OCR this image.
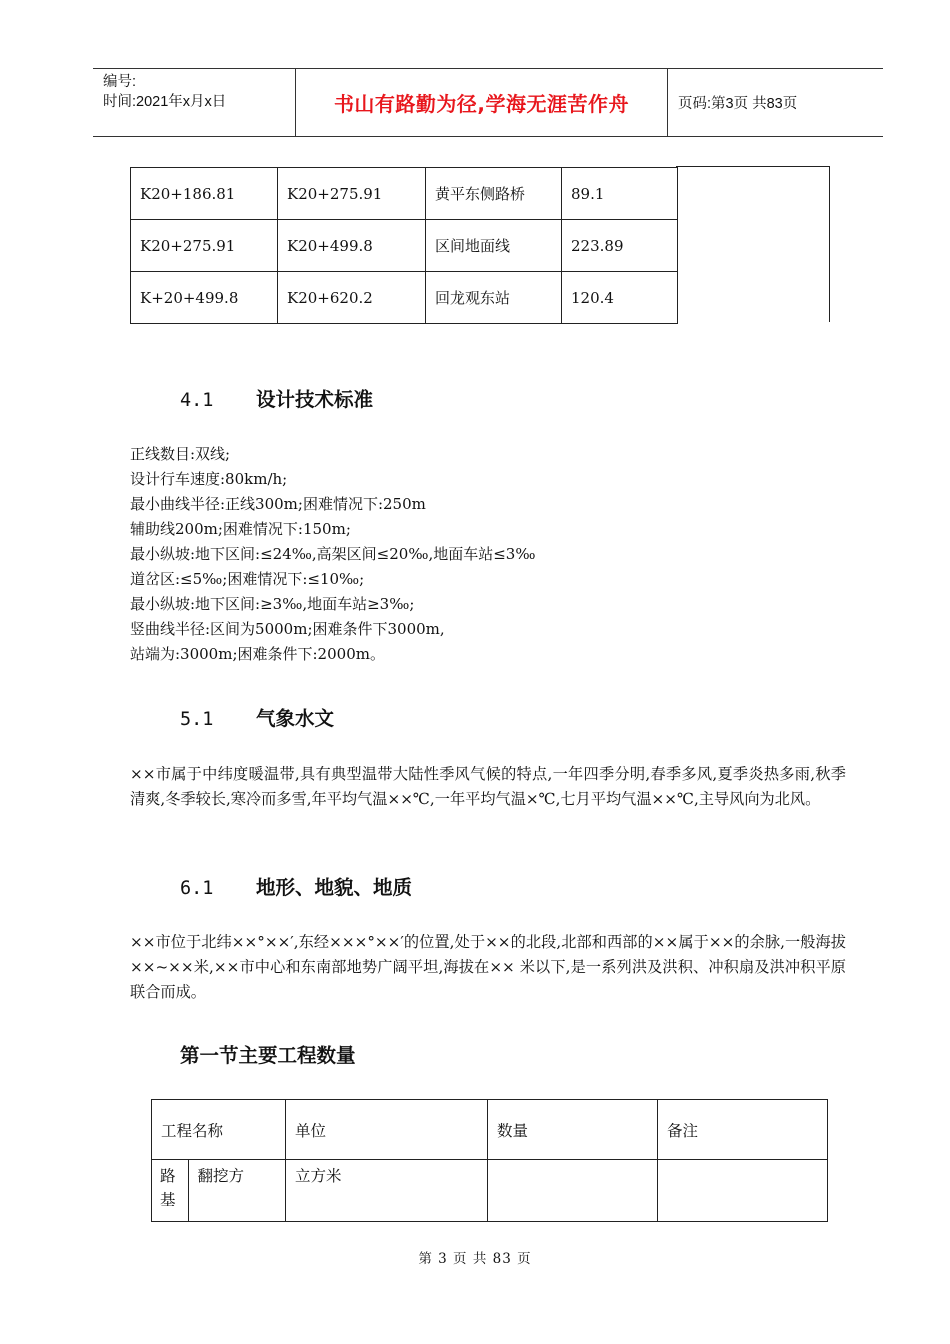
编号:
时间:2021年x月x日	书山有路勤为径,学海无涯苦作舟	页码:第3页 共83页
K20+186.81	K20+275.91	黄平东侧路桥	89.1
K20+275.91	K20+499.8	区间地面线	223.89
K+20+499.8	K20+620.2	回龙观东站	120.4
4.1 设计技术标准
正线数目:双线;
设计行车速度:80km/h;
最小曲线半径:正线300m;困难情况下:250m
辅助线200m;困难情况下:150m;
最小纵坡:地下区间:≤24‰,高架区间≤20‰,地面车站≤3‰
道岔区:≤5‰;困难情况下:≤10‰;
最小纵坡:地下区间:≥3‰,地面车站≥3‰;
竖曲线半径:区间为5000m;困难条件下3000m,
站端为:3000m;困难条件下:2000m。
5.1 气象水文
××市属于中纬度暖温带,具有典型温带大陆性季风气候的特点,一年四季分明,春季多风,夏季炎热多雨,秋季清爽,冬季较长,寒冷而多雪,年平均气温××℃,一年平均气温×℃,七月平均气温××℃,主导风向为北风。
6.1 地形、地貌、地质
××市位于北纬××°××′,东经×××°××′的位置,处于××的北段,北部和西部的××属于××的余脉,一般海拔××~××米,××市中心和东南部地势广阔平坦,海拔在×× 米以下,是一系列洪及洪积、冲积扇及洪冲积平原联合而成。
第一节主要工程数量
工程名称		单位	数量	备注
路基	翻挖方	立方米		
第 3 页 共 83 页
